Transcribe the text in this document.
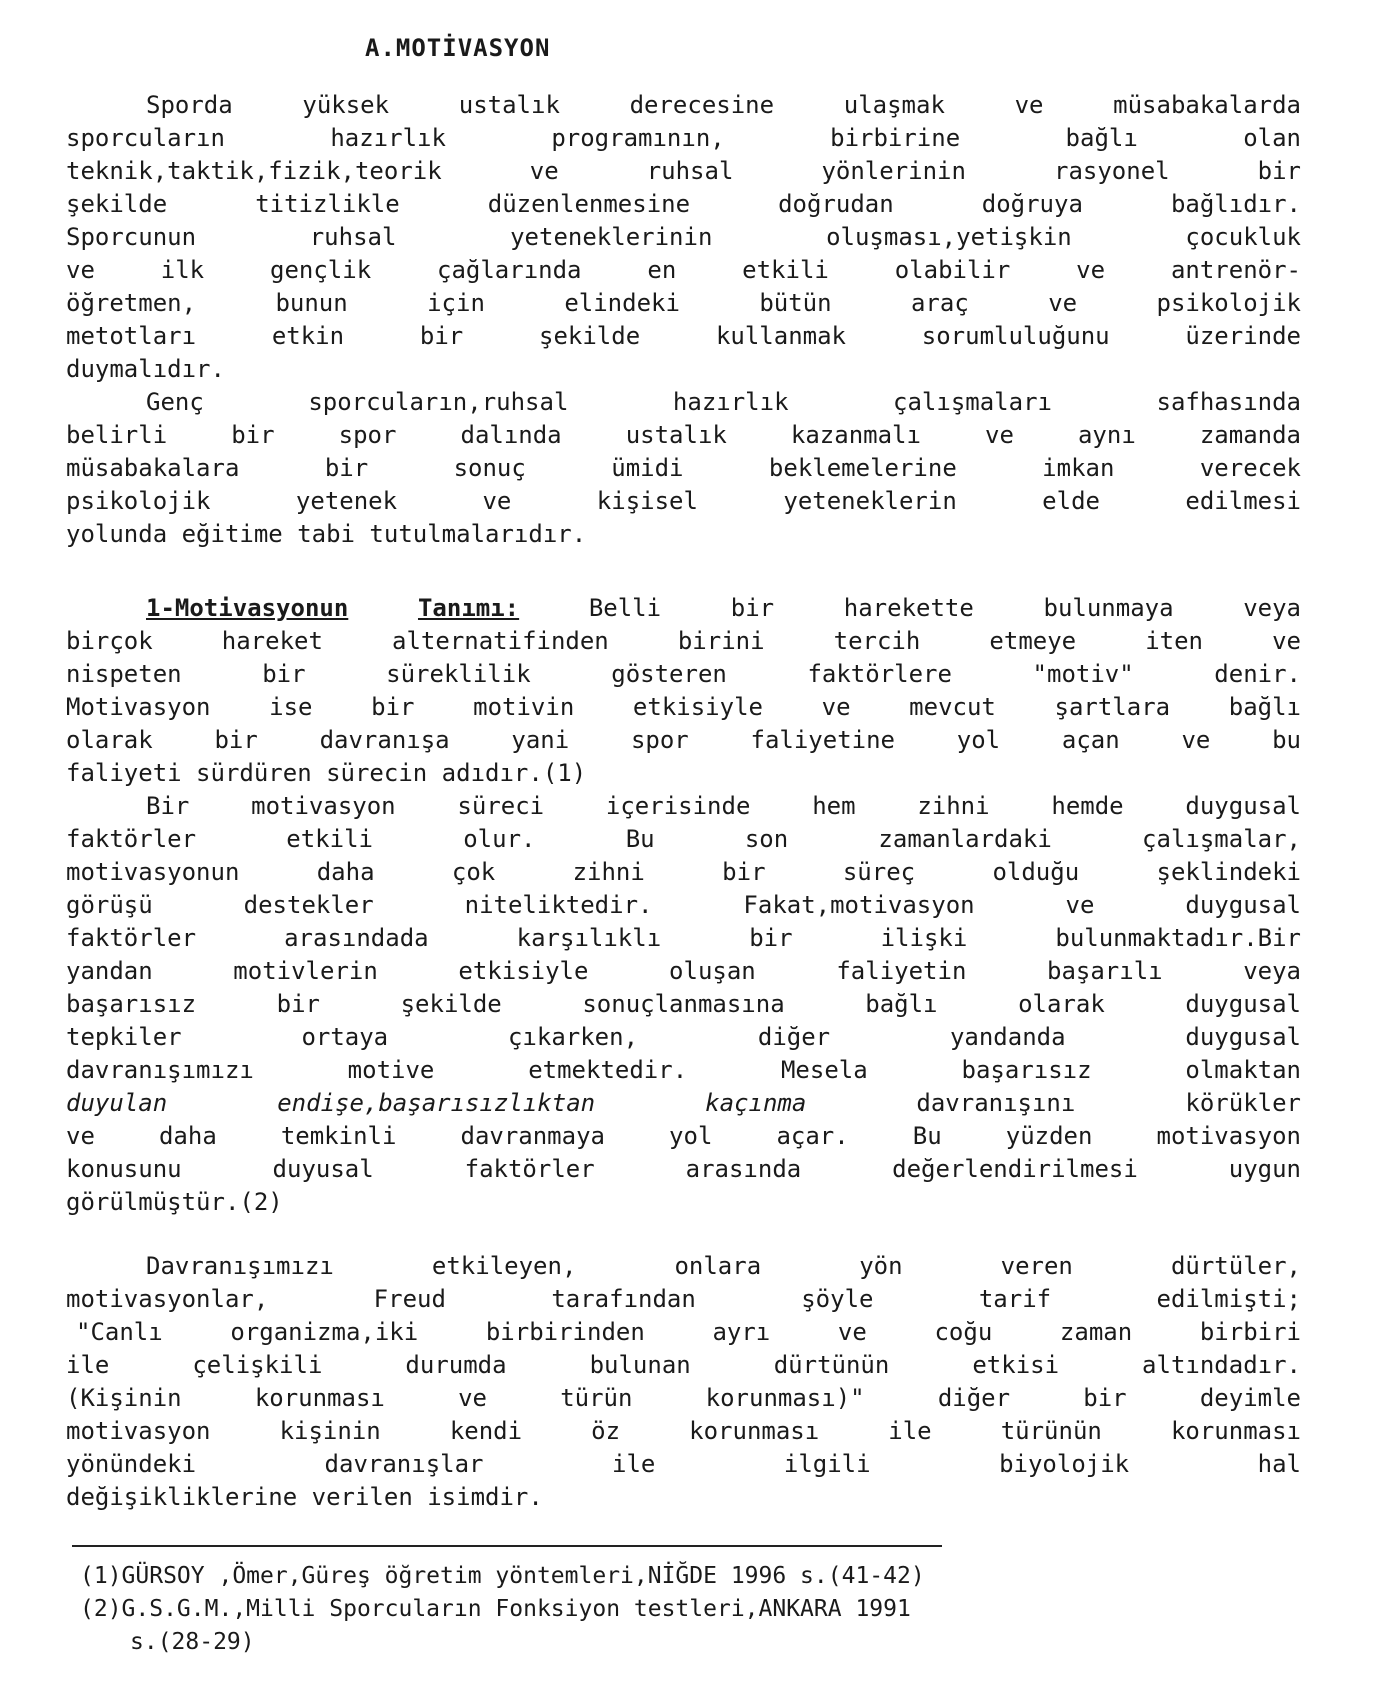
A.MOTİVASYON
Sporda yüksek ustalık derecesine ulaşmak ve müsabakalarda
sporcuların hazırlık programının, birbirine bağlı olan
teknik,taktik,fizik,teorik ve ruhsal yönlerinin rasyonel bir
şekilde titizlikle düzenlenmesine doğrudan doğruya bağlıdır.
Sporcunun ruhsal yeteneklerinin oluşması,yetişkin çocukluk
ve ilk gençlik çağlarında en etkili olabilir ve antrenör-
öğretmen, bunun için elindeki bütün araç ve psikolojik
metotları etkin bir şekilde kullanmak sorumluluğunu üzerinde
duymalıdır.
Genç sporcuların,ruhsal hazırlık çalışmaları safhasında
belirli bir spor dalında ustalık kazanmalı ve aynı zamanda
müsabakalara bir sonuç ümidi beklemelerine imkan verecek
psikolojik yetenek ve kişisel yeteneklerin elde edilmesi
yolunda eğitime tabi tutulmalarıdır.
1-Motivasyonun	Tanımı:	Belli bir harekette bulunmaya veya
birçok hareket alternatifinden birini tercih etmeye iten ve
nispeten bir süreklilik gösteren faktörlere "motiv" denir.
Motivasyon ise bir motivin etkisiyle ve mevcut şartlara bağlı
olarak bir davranışa yani spor faliyetine yol açan ve bu
faliyeti sürdüren sürecin adıdır.(1)
Bir motivasyon süreci içerisinde hem zihni hemde duygusal
faktörler etkili olur. Bu son zamanlardaki çalışmalar,
motivasyonun daha çok zihni bir süreç olduğu şeklindeki
görüşü destekler niteliktedir. Fakat,motivasyon ve duygusal
faktörler arasındada karşılıklı bir ilişki bulunmaktadır.Bir
yandan motivlerin etkisiyle oluşan faliyetin başarılı veya
başarısız bir şekilde sonuçlanmasına bağlı olarak duygusal
tepkiler ortaya çıkarken, diğer yandanda duygusal
davranışımızı motive etmektedir. Mesela başarısız olmaktan
duyulan endişe,başarısızlıktan kaçınma	davranışını körükler
ve daha temkinli davranmaya yol açar. Bu yüzden motivasyon
konusunu duyusal faktörler arasında değerlendirilmesi uygun
görülmüştür.(2)
Davranışımızı etkileyen, onlara yön veren dürtüler,
motivasyonlar, Freud tarafından şöyle tarif edilmişti;
"Canlı organizma,iki birbirinden ayrı ve coğu zaman birbiri
ile çelişkili durumda bulunan dürtünün etkisi altındadır.
(Kişinin korunması ve türün korunması)" diğer bir deyimle
motivasyon kişinin kendi öz korunması ile türünün korunması
yönündeki davranışlar ile ilgili biyolojik hal
değişikliklerine verilen isimdir.
(1)GÜRSOY ,Ömer,Güreş öğretim yöntemleri,NİĞDE 1996 s.(41-42)
(2)G.S.G.M.,Milli Sporcuların Fonksiyon testleri,ANKARA 1991
s.(28-29)
